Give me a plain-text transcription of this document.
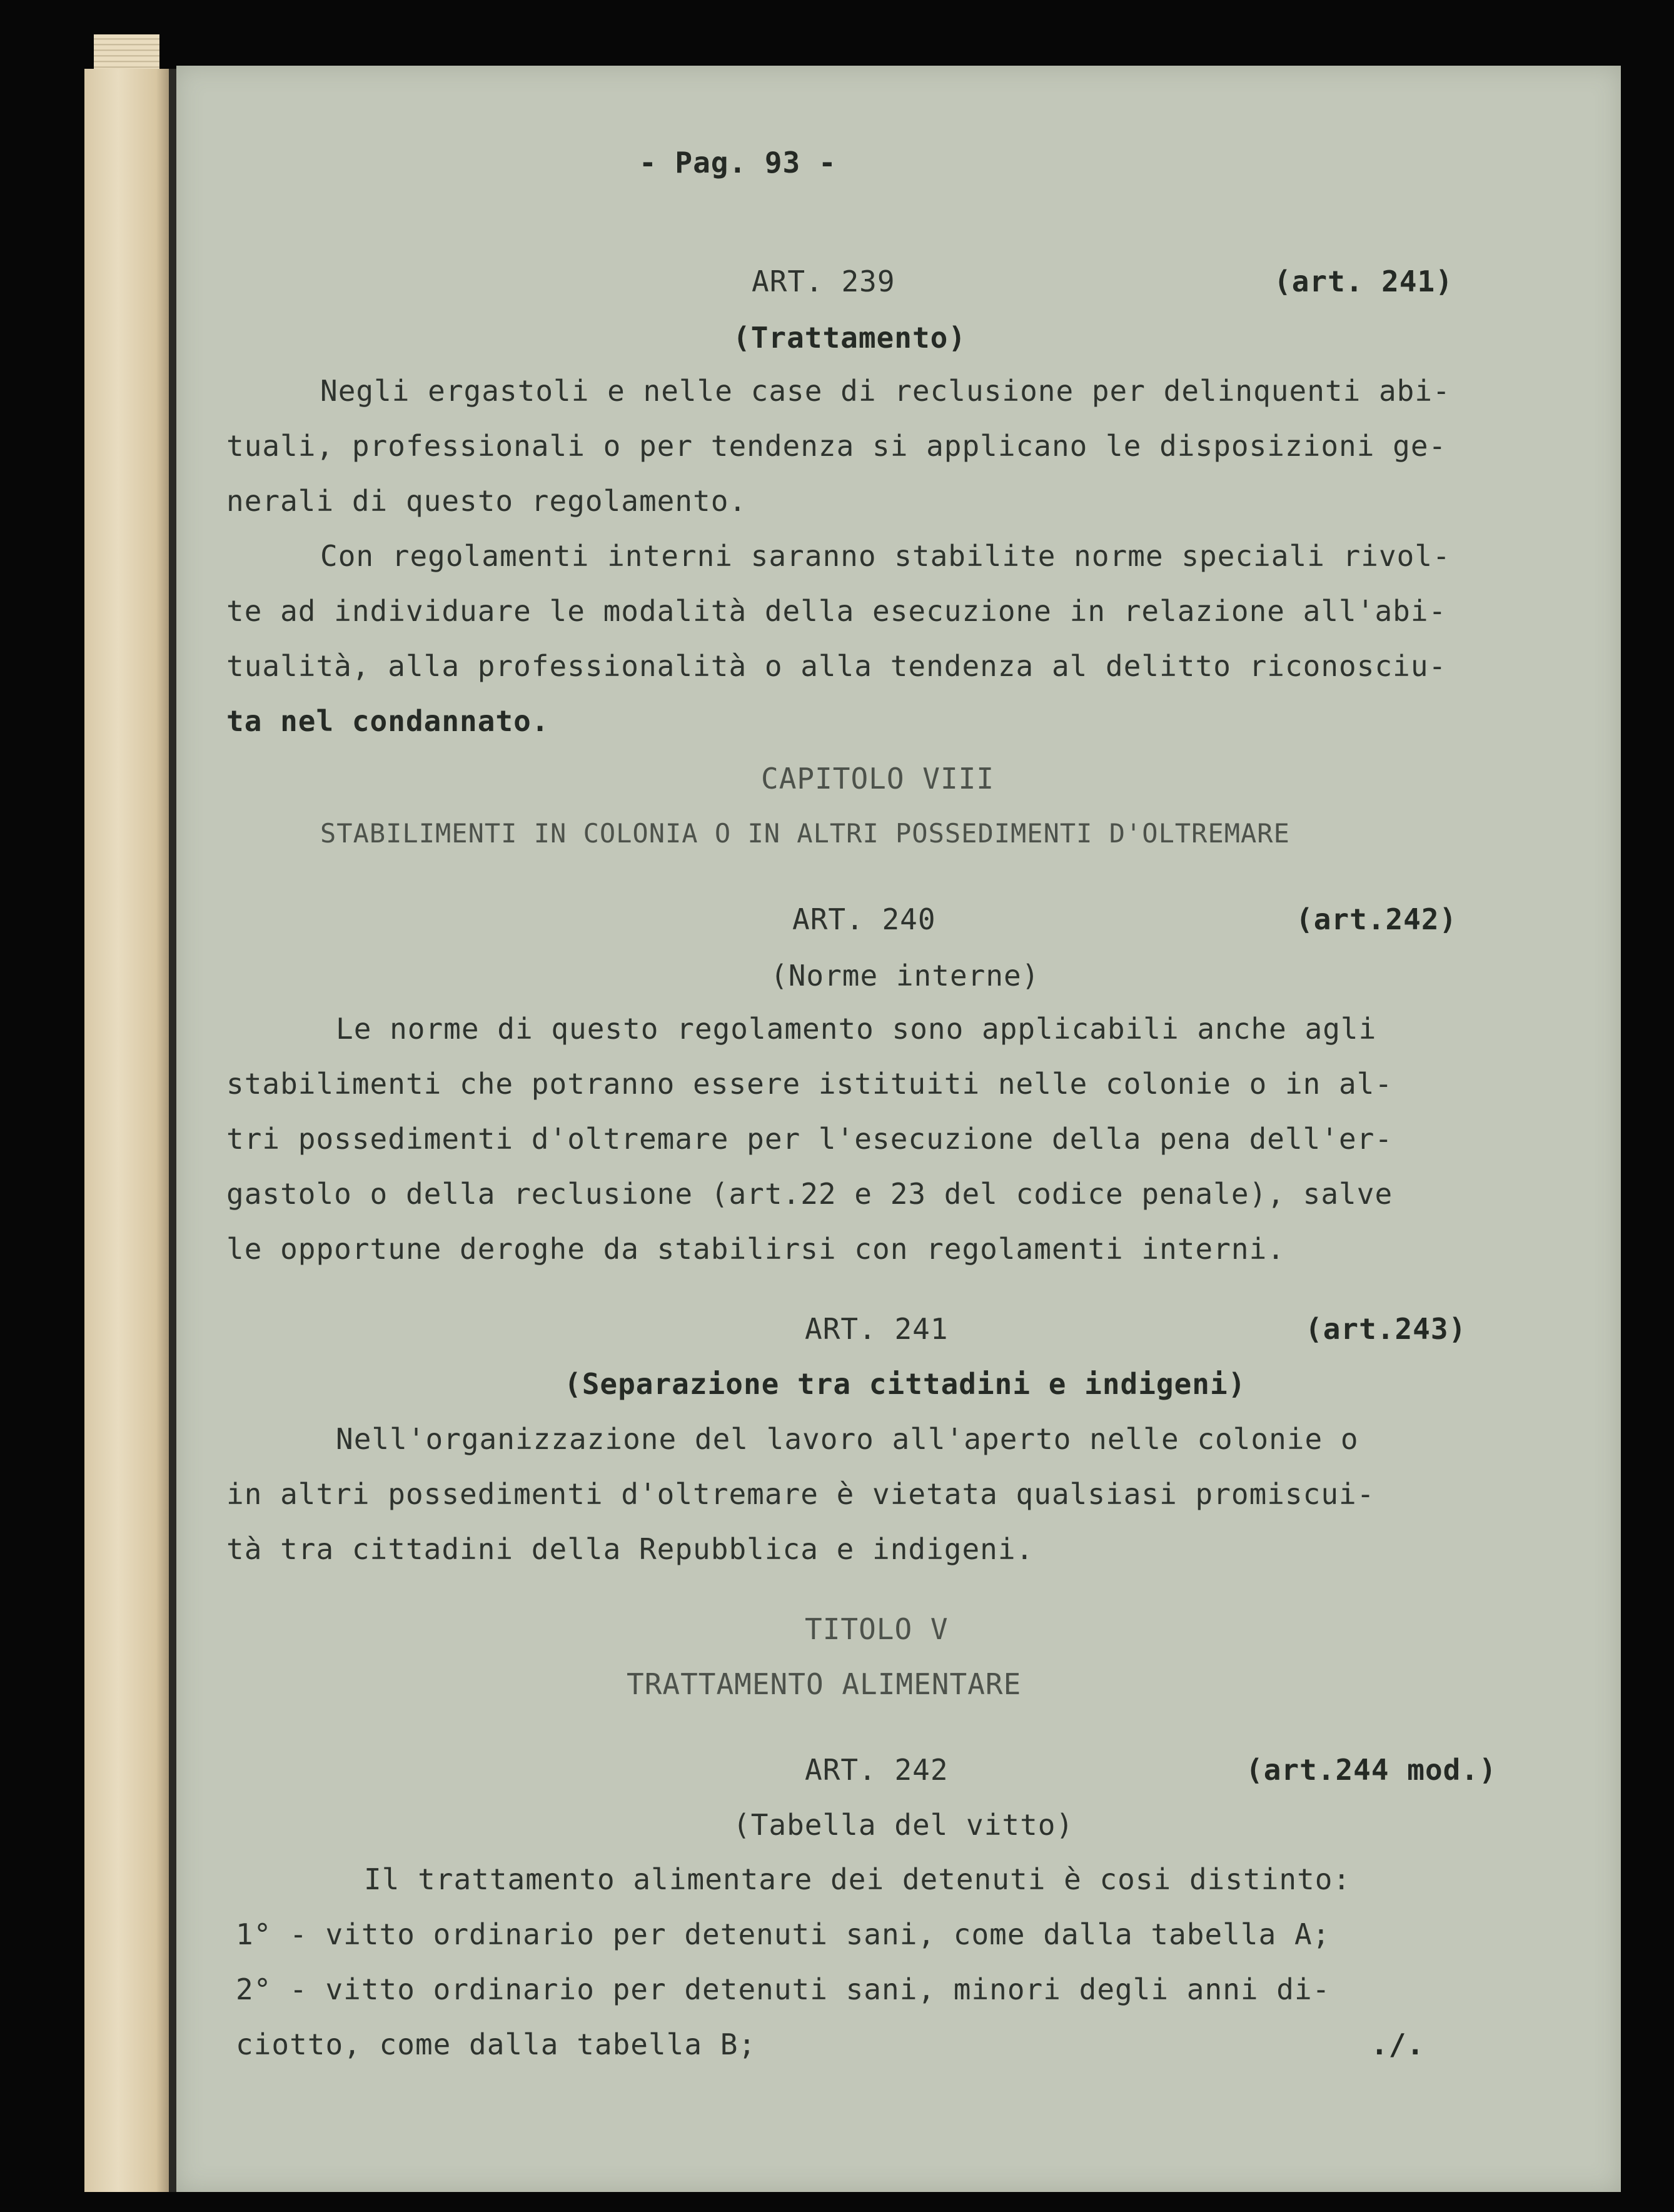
- Pag. 93 -
ART. 239	(art. 241)
(Trattamento)
Negli ergastoli e nelle case di reclusione per delinquenti abi-
tuali, professionali o per tendenza si applicano le disposizioni ge-
nerali di questo regolamento.
Con regolamenti interni saranno stabilite norme speciali rivol-
te ad individuare le modalità della esecuzione in relazione all'abi-
tualità, alla professionalità o alla tendenza al delitto riconosciu-
ta nel condannato.
CAPITOLO VIII
STABILIMENTI IN COLONIA O IN ALTRI POSSEDIMENTI D'OLTREMARE
ART. 240	(art.242)
(Norme interne)
Le norme di questo regolamento sono applicabili anche agli
stabilimenti che potranno essere istituiti nelle colonie o in al-
tri possedimenti d'oltremare per l'esecuzione della pena dell'er-
gastolo o della reclusione (art.22 e 23 del codice penale), salve
le opportune deroghe da stabilirsi con regolamenti interni.
ART. 241	(art.243)
(Separazione tra cittadini e indigeni)
Nell'organizzazione del lavoro all'aperto nelle colonie o
in altri possedimenti d'oltremare è vietata qualsiasi promiscui-
tà tra cittadini della Repubblica e indigeni.
TITOLO V
TRATTAMENTO ALIMENTARE
ART. 242	(art.244 mod.)
(Tabella del vitto)
Il trattamento alimentare dei detenuti è cosi distinto:
1° - vitto ordinario per detenuti sani, come dalla tabella A;
2° - vitto ordinario per detenuti sani, minori degli anni di-
ciotto, come dalla tabella B;	./.
